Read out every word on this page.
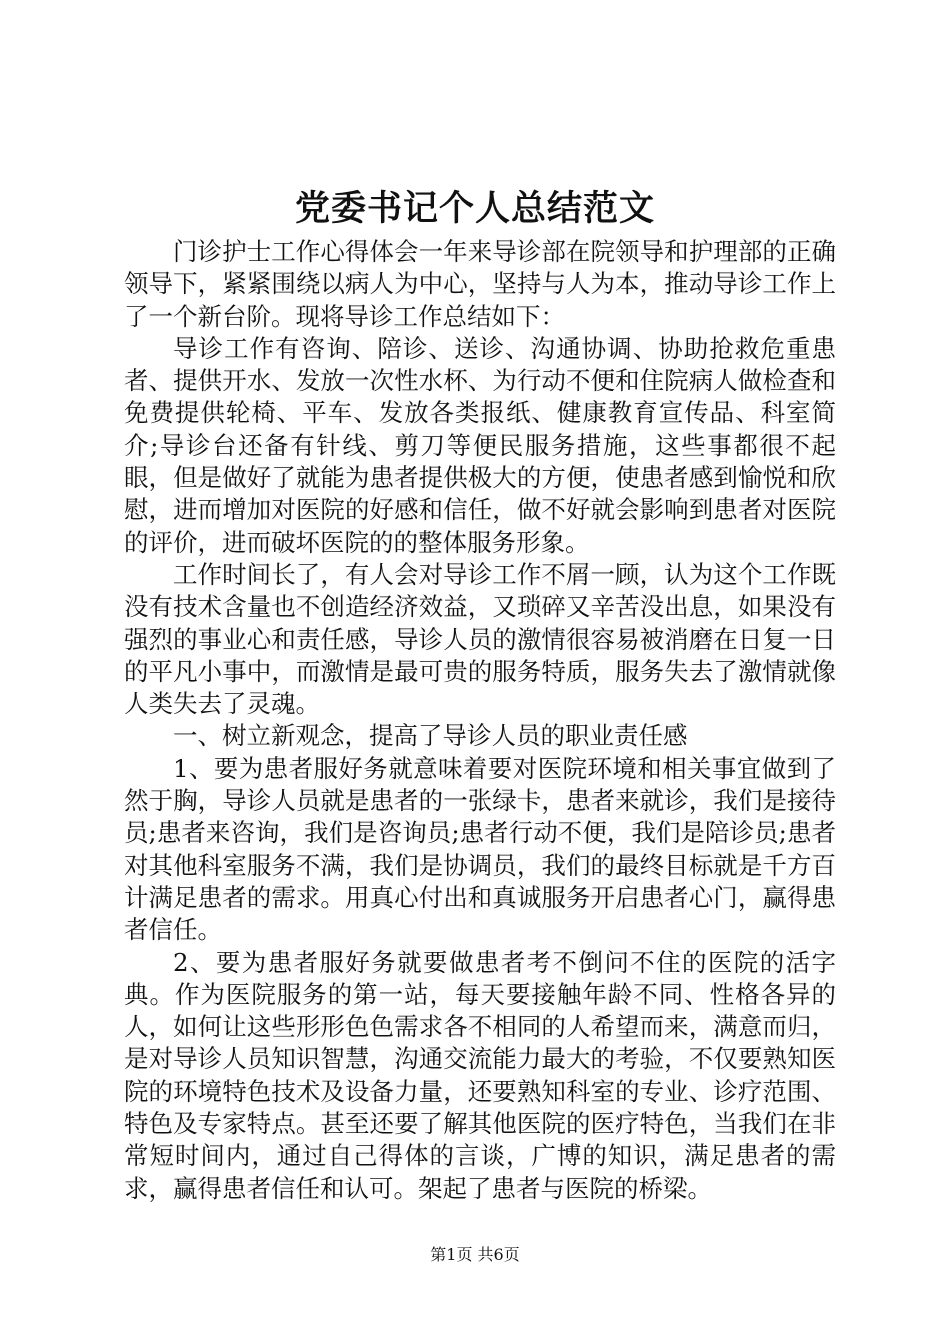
党委书记个人总结范文

门诊护士工作心得体会一年来导诊部在院领导和护理部的正确领导下，紧紧围绕以病人为中心，坚持与人为本，推动导诊工作上了一个新台阶。现将导诊工作总结如下：

导诊工作有咨询、陪诊、送诊、沟通协调、协助抢救危重患者、提供开水、发放一次性水杯、为行动不便和住院病人做检查和免费提供轮椅、平车、发放各类报纸、健康教育宣传品、科室简介;导诊台还备有针线、剪刀等便民服务措施，这些事都很不起眼，但是做好了就能为患者提供极大的方便，使患者感到愉悦和欣慰，进而增加对医院的好感和信任，做不好就会影响到患者对医院的评价，进而破坏医院的的整体服务形象。

工作时间长了，有人会对导诊工作不屑一顾，认为这个工作既没有技术含量也不创造经济效益，又琐碎又辛苦没出息，如果没有强烈的事业心和责任感，导诊人员的激情很容易被消磨在日复一日的平凡小事中，而激情是最可贵的服务特质，服务失去了激情就像人类失去了灵魂。

一、树立新观念，提高了导诊人员的职业责任感

1、要为患者服好务就意味着要对医院环境和相关事宜做到了然于胸，导诊人员就是患者的一张绿卡，患者来就诊，我们是接待员;患者来咨询，我们是咨询员;患者行动不便，我们是陪诊员;患者对其他科室服务不满，我们是协调员，我们的最终目标就是千方百计满足患者的需求。用真心付出和真诚服务开启患者心门，赢得患者信任。

2、要为患者服好务就要做患者考不倒问不住的医院的活字典。作为医院服务的第一站，每天要接触年龄不同、性格各异的人，如何让这些形形色色需求各不相同的人希望而来，满意而归，是对导诊人员知识智慧，沟通交流能力最大的考验，不仅要熟知医院的环境特色技术及设备力量，还要熟知科室的专业、诊疗范围、特色及专家特点。甚至还要了解其他医院的医疗特色，当我们在非常短时间内，通过自己得体的言谈，广博的知识，满足患者的需求，赢得患者信任和认可。架起了患者与医院的桥梁。

第1页 共6页
